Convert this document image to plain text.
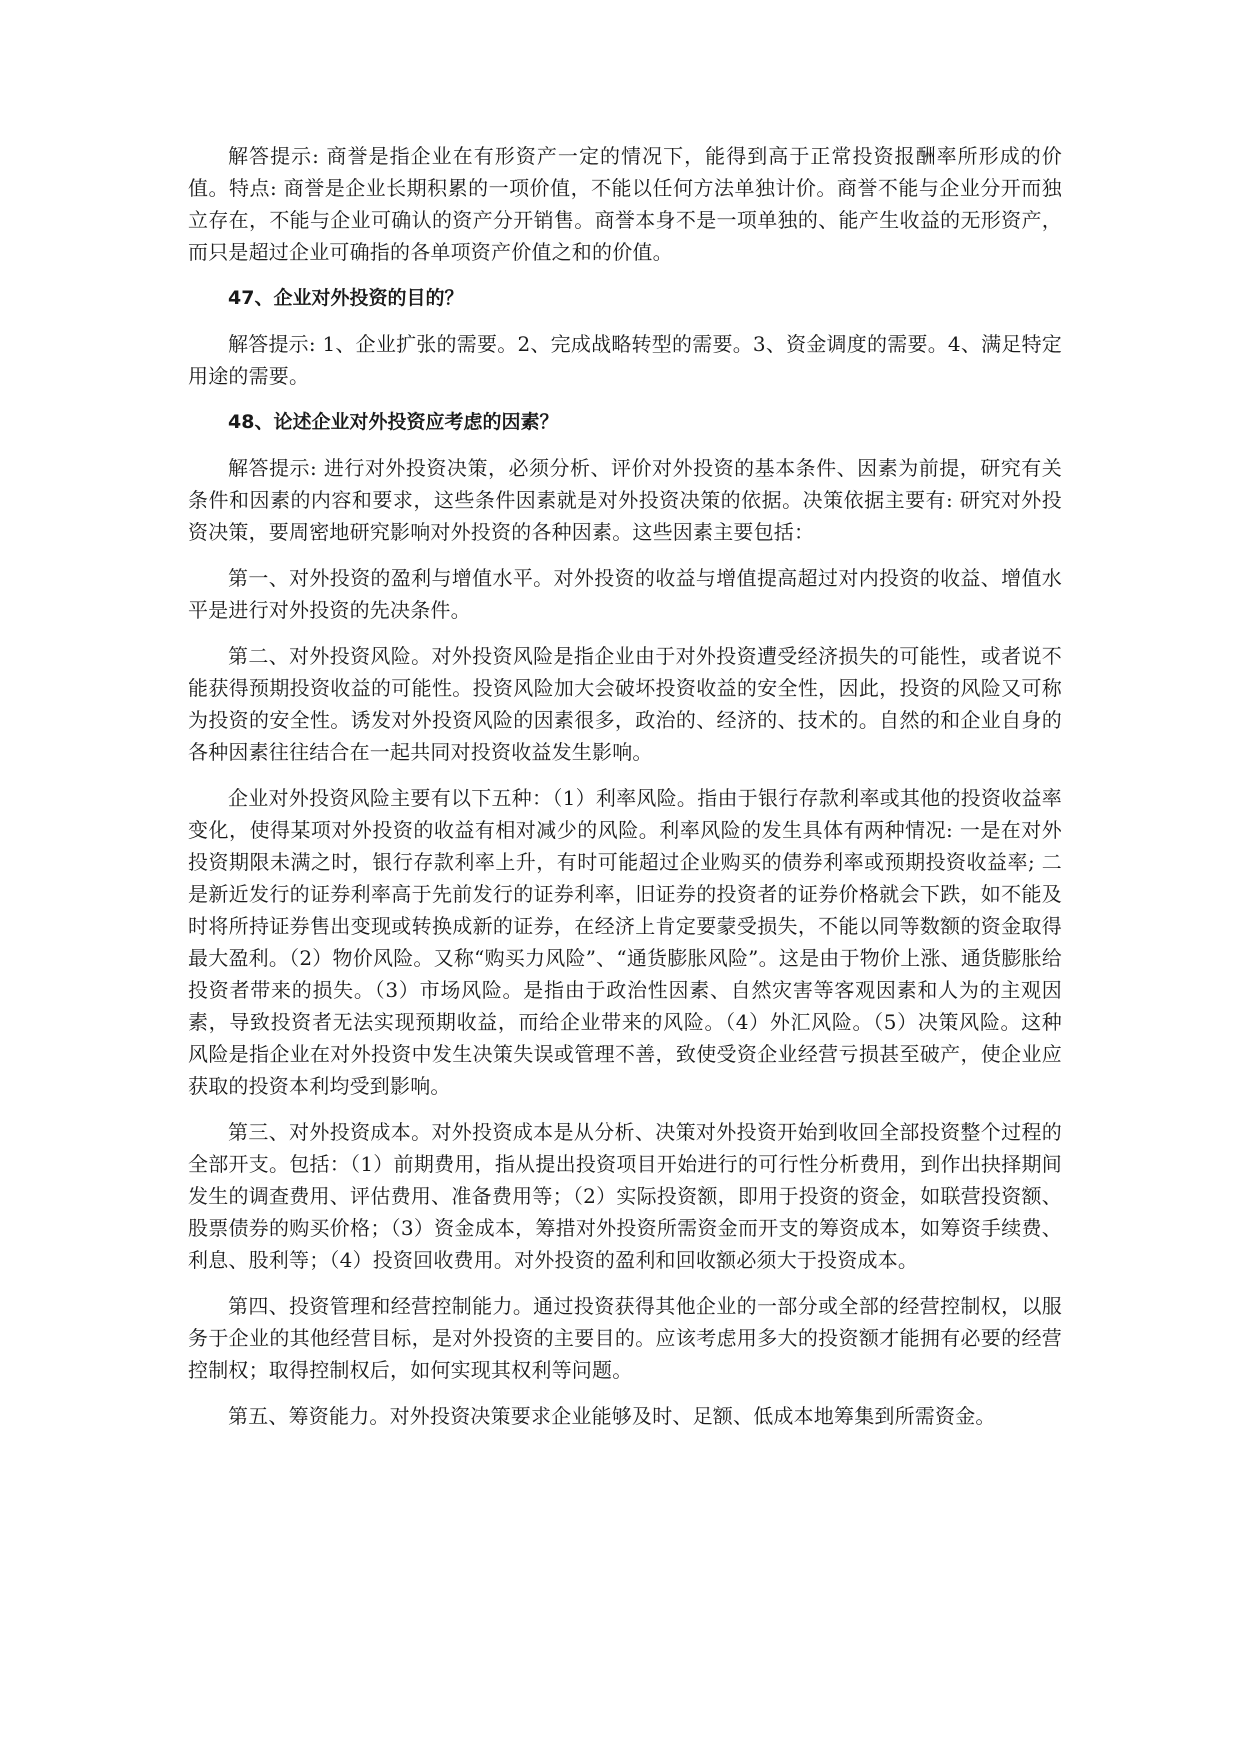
解答提示: 商誉是指企业在有形资产一定的情况下，能得到高于正常投资报酬率所形成的价值。特点: 商誉是企业长期积累的一项价值，不能以任何方法单独计价。商誉不能与企业分开而独立存在，不能与企业可确认的资产分开销售。商誉本身不是一项单独的、能产生收益的无形资产，而只是超过企业可确指的各单项资产价值之和的价值。

47、企业对外投资的目的？

解答提示: 1、企业扩张的需要。2、完成战略转型的需要。3、资金调度的需要。4、满足特定用途的需要。

48、论述企业对外投资应考虑的因素？

解答提示: 进行对外投资决策，必须分析、评价对外投资的基本条件、因素为前提，研究有关条件和因素的内容和要求，这些条件因素就是对外投资决策的依据。决策依据主要有: 研究对外投资决策，要周密地研究影响对外投资的各种因素。这些因素主要包括：

第一、对外投资的盈利与增值水平。对外投资的收益与增值提高超过对内投资的收益、增值水平是进行对外投资的先决条件。

第二、对外投资风险。对外投资风险是指企业由于对外投资遭受经济损失的可能性，或者说不能获得预期投资收益的可能性。投资风险加大会破坏投资收益的安全性，因此，投资的风险又可称为投资的安全性。诱发对外投资风险的因素很多，政治的、经济的、技术的。自然的和企业自身的各种因素往往结合在一起共同对投资收益发生影响。

企业对外投资风险主要有以下五种：（1）利率风险。指由于银行存款利率或其他的投资收益率变化，使得某项对外投资的收益有相对减少的风险。利率风险的发生具体有两种情况: 一是在对外投资期限未满之时，银行存款利率上升，有时可能超过企业购买的债券利率或预期投资收益率; 二是新近发行的证券利率高于先前发行的证券利率，旧证券的投资者的证券价格就会下跌，如不能及时将所持证券售出变现或转换成新的证券，在经济上肯定要蒙受损失，不能以同等数额的资金取得最大盈利。（2）物价风险。又称“购买力风险”、“通货膨胀风险”。这是由于物价上涨、通货膨胀给投资者带来的损失。（3）市场风险。是指由于政治性因素、自然灾害等客观因素和人为的主观因素，导致投资者无法实现预期收益，而给企业带来的风险。（4）外汇风险。（5）决策风险。这种风险是指企业在对外投资中发生决策失误或管理不善，致使受资企业经营亏损甚至破产，使企业应获取的投资本利均受到影响。

第三、对外投资成本。对外投资成本是从分析、决策对外投资开始到收回全部投资整个过程的全部开支。包括：（1）前期费用，指从提出投资项目开始进行的可行性分析费用，到作出抉择期间发生的调查费用、评估费用、准备费用等；（2）实际投资额，即用于投资的资金，如联营投资额、股票债券的购买价格；（3）资金成本，筹措对外投资所需资金而开支的筹资成本，如筹资手续费、利息、股利等；（4）投资回收费用。对外投资的盈利和回收额必须大于投资成本。

第四、投资管理和经营控制能力。通过投资获得其他企业的一部分或全部的经营控制权，以服务于企业的其他经营目标，是对外投资的主要目的。应该考虑用多大的投资额才能拥有必要的经营控制权；取得控制权后，如何实现其权利等问题。

第五、筹资能力。对外投资决策要求企业能够及时、足额、低成本地筹集到所需资金。
